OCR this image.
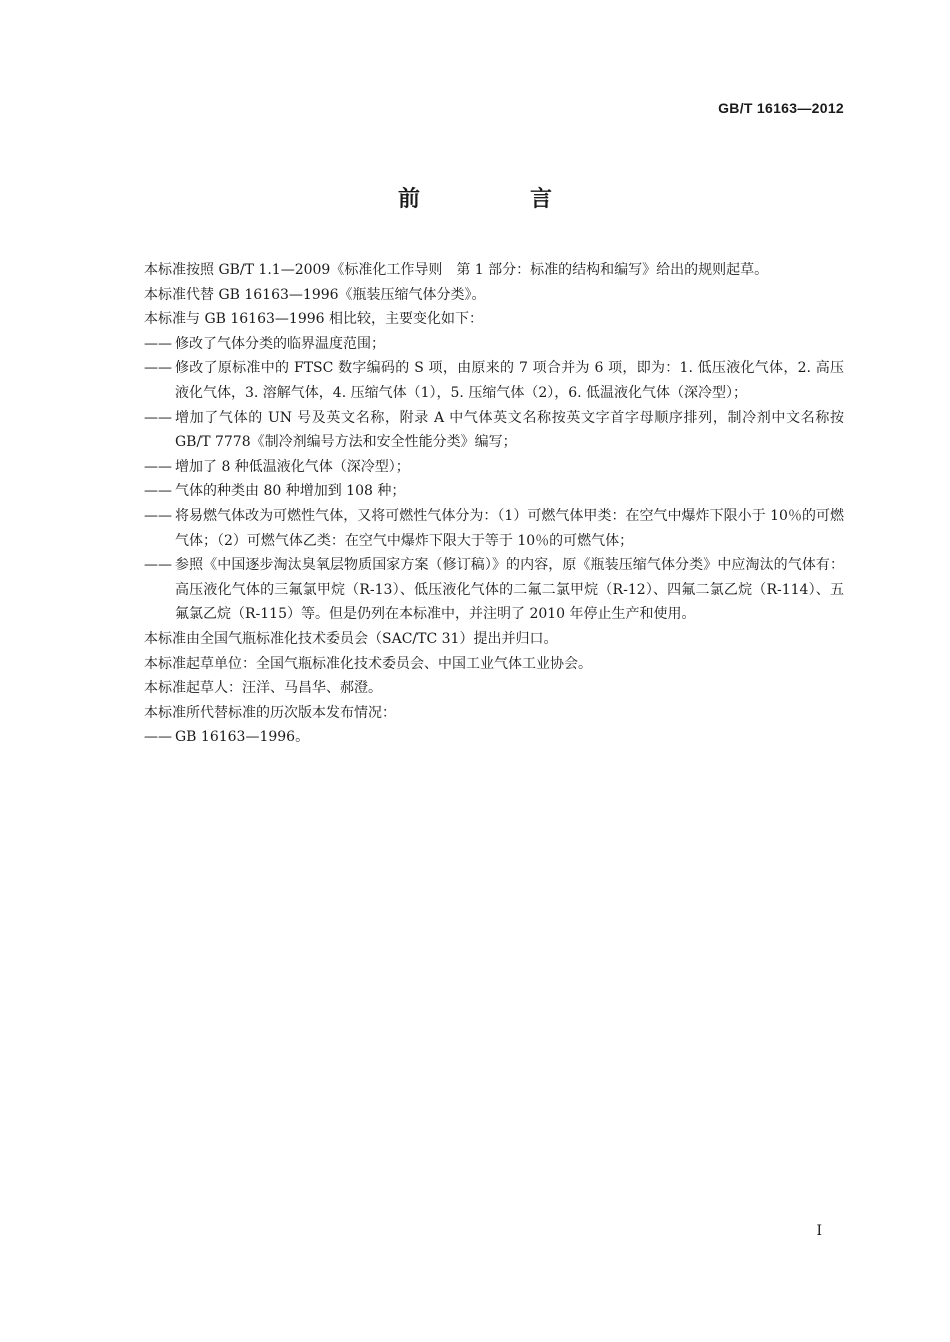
GB/T 16163—2012
前　言

本标准按照 GB/T 1.1—2009《标准化工作导则　第 1 部分：标准的结构和编写》给出的规则起草。

本标准代替 GB 16163—1996《瓶装压缩气体分类》。

本标准与 GB 16163—1996 相比较，主要变化如下：

—— 修改了气体分类的临界温度范围；

—— 修改了原标准中的 FTSC 数字编码的 S 项，由原来的 7 项合并为 6 项，即为：1. 低压液化气体，2. 高压液化气体，3. 溶解气体，4. 压缩气体（1），5. 压缩气体（2），6. 低温液化气体（深冷型）；

—— 增加了气体的 UN 号及英文名称，附录 A 中气体英文名称按英文字首字母顺序排列，制冷剂中文名称按 GB/T 7778《制冷剂编号方法和安全性能分类》编写；

—— 增加了 8 种低温液化气体（深冷型）；

—— 气体的种类由 80 种增加到 108 种；

—— 将易燃气体改为可燃性气体，又将可燃性气体分为：（1）可燃气体甲类：在空气中爆炸下限小于 10％的可燃气体；（2）可燃气体乙类：在空气中爆炸下限大于等于 10％的可燃气体；

—— 参照《中国逐步淘汰臭氧层物质国家方案（修订稿）》的内容，原《瓶装压缩气体分类》中应淘汰的气体有：高压液化气体的三氟氯甲烷（R-13）、低压液化气体的二氟二氯甲烷（R-12）、四氟二氯乙烷（R-114）、五氟氯乙烷（R-115）等。但是仍列在本标准中，并注明了 2010 年停止生产和使用。

本标准由全国气瓶标准化技术委员会（SAC/TC 31）提出并归口。

本标准起草单位：全国气瓶标准化技术委员会、中国工业气体工业协会。

本标准起草人：汪洋、马昌华、郝澄。

本标准所代替标准的历次版本发布情况：

—— GB 16163—1996。

I
